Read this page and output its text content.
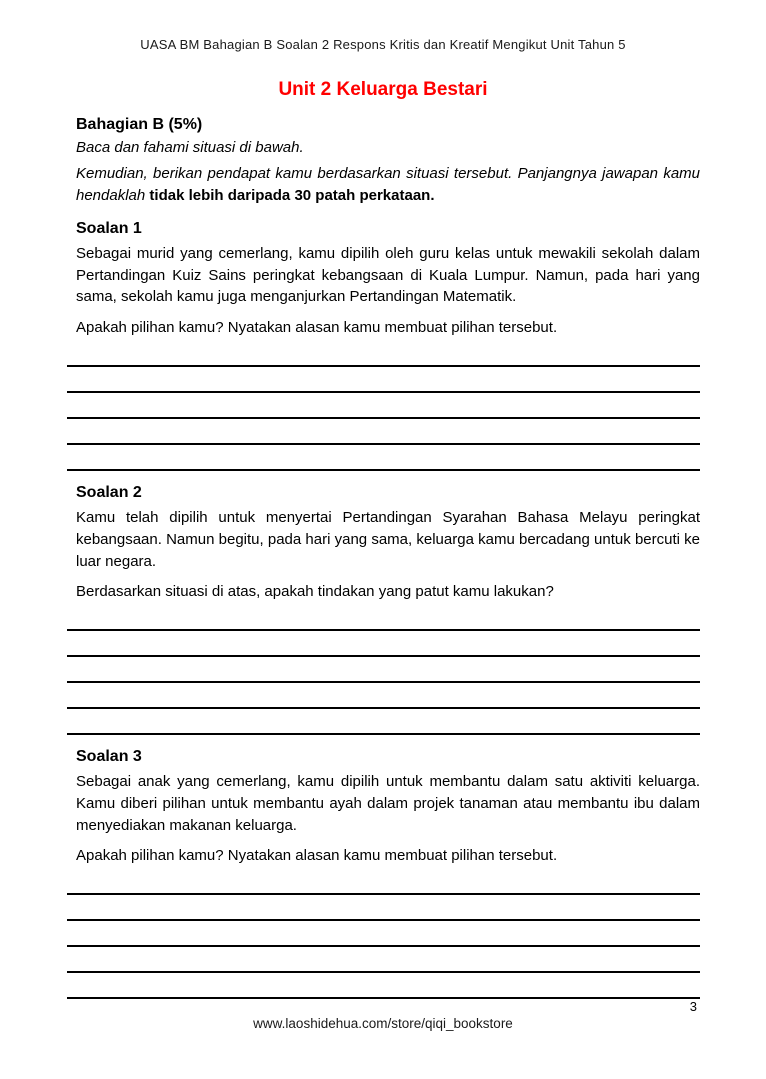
UASA BM Bahagian B Soalan 2 Respons Kritis dan Kreatif Mengikut Unit Tahun 5
Unit 2 Keluarga Bestari
Bahagian B (5%)
Baca dan fahami situasi di bawah.
Kemudian, berikan pendapat kamu berdasarkan situasi tersebut. Panjangnya jawapan kamu hendaklah tidak lebih daripada 30 patah perkataan.
Soalan 1
Sebagai murid yang cemerlang, kamu dipilih oleh guru kelas untuk mewakili sekolah dalam Pertandingan Kuiz Sains peringkat kebangsaan di Kuala Lumpur. Namun, pada hari yang sama, sekolah kamu juga menganjurkan Pertandingan Matematik.
Apakah pilihan kamu? Nyatakan alasan kamu membuat pilihan tersebut.
Soalan 2
Kamu telah dipilih untuk menyertai Pertandingan Syarahan Bahasa Melayu peringkat kebangsaan. Namun begitu, pada hari yang sama, keluarga kamu bercadang untuk bercuti ke luar negara.
Berdasarkan situasi di atas, apakah tindakan yang patut kamu lakukan?
Soalan 3
Sebagai anak yang cemerlang, kamu dipilih untuk membantu dalam satu aktiviti keluarga. Kamu diberi pilihan untuk membantu ayah dalam projek tanaman atau membantu ibu dalam menyediakan makanan keluarga.
Apakah pilihan kamu? Nyatakan alasan kamu membuat pilihan tersebut.
3
www.laoshidehua.com/store/qiqi_bookstore
